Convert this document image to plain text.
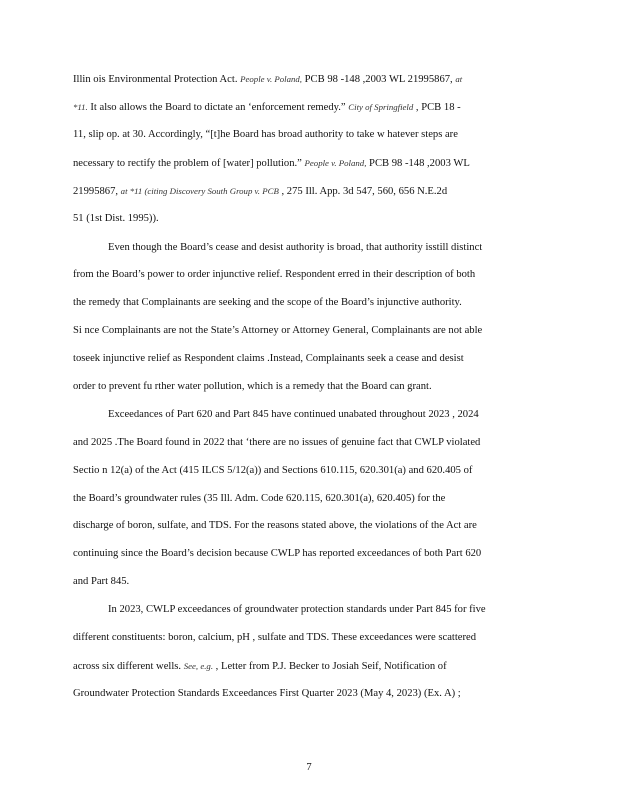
Illin ois Environmental Protection Act. People v. Poland, PCB 98 -148 ,2003 WL 21995867, at
*11. It also allows the Board to dictate an ‘enforcement remedy.” City of Springfield , PCB 18 -
11, slip op. at 30. Accordingly, “[t]he Board has broad authority to take w hatever steps are
necessary to rectify the problem of [water] pollution.” People v. Poland, PCB 98 -148 ,2003 WL
21995867, at *11 (citing Discovery South Group v. PCB , 275 Ill. App. 3d 547, 560, 656 N.E.2d
51 (1st Dist. 1995)).
Even though the Board’s cease and desist authority is broad, that authority isstill distinct
from the Board’s power to order injunctive relief. Respondent erred in their description of both
the remedy that Complainants are seeking and the scope of the Board’s injunctive authority.
Si nce Complainants are not the State’s Attorney or Attorney General, Complainants are not able
toseek injunctive relief as Respondent claims .Instead, Complainants seek a cease and desist
order to prevent fu rther water pollution, which is a remedy that the Board can grant.
Exceedances of Part 620 and Part 845 have continued unabated throughout 2023 , 2024
and 2025 .The Board found in 2022 that ‘there are no issues of genuine fact that CWLP violated
Sectio n 12(a) of the Act (415 ILCS 5/12(a)) and Sections 610.115, 620.301(a) and 620.405 of
the Board’s groundwater rules (35 Ill. Adm. Code 620.115, 620.301(a), 620.405) for the
discharge of boron, sulfate, and TDS. For the reasons stated above, the violations of the Act are
continuing since the Board’s decision because CWLP has reported exceedances of both Part 620
and Part 845.
In 2023, CWLP exceedances of groundwater protection standards under Part 845 for five
different constituents: boron, calcium, pH , sulfate and TDS. These exceedances were scattered
across six different wells. See, e.g. , Letter from P.J. Becker to Josiah Seif, Notification of
Groundwater Protection Standards Exceedances First Quarter 2023 (May 4, 2023) (Ex. A) ;
7
